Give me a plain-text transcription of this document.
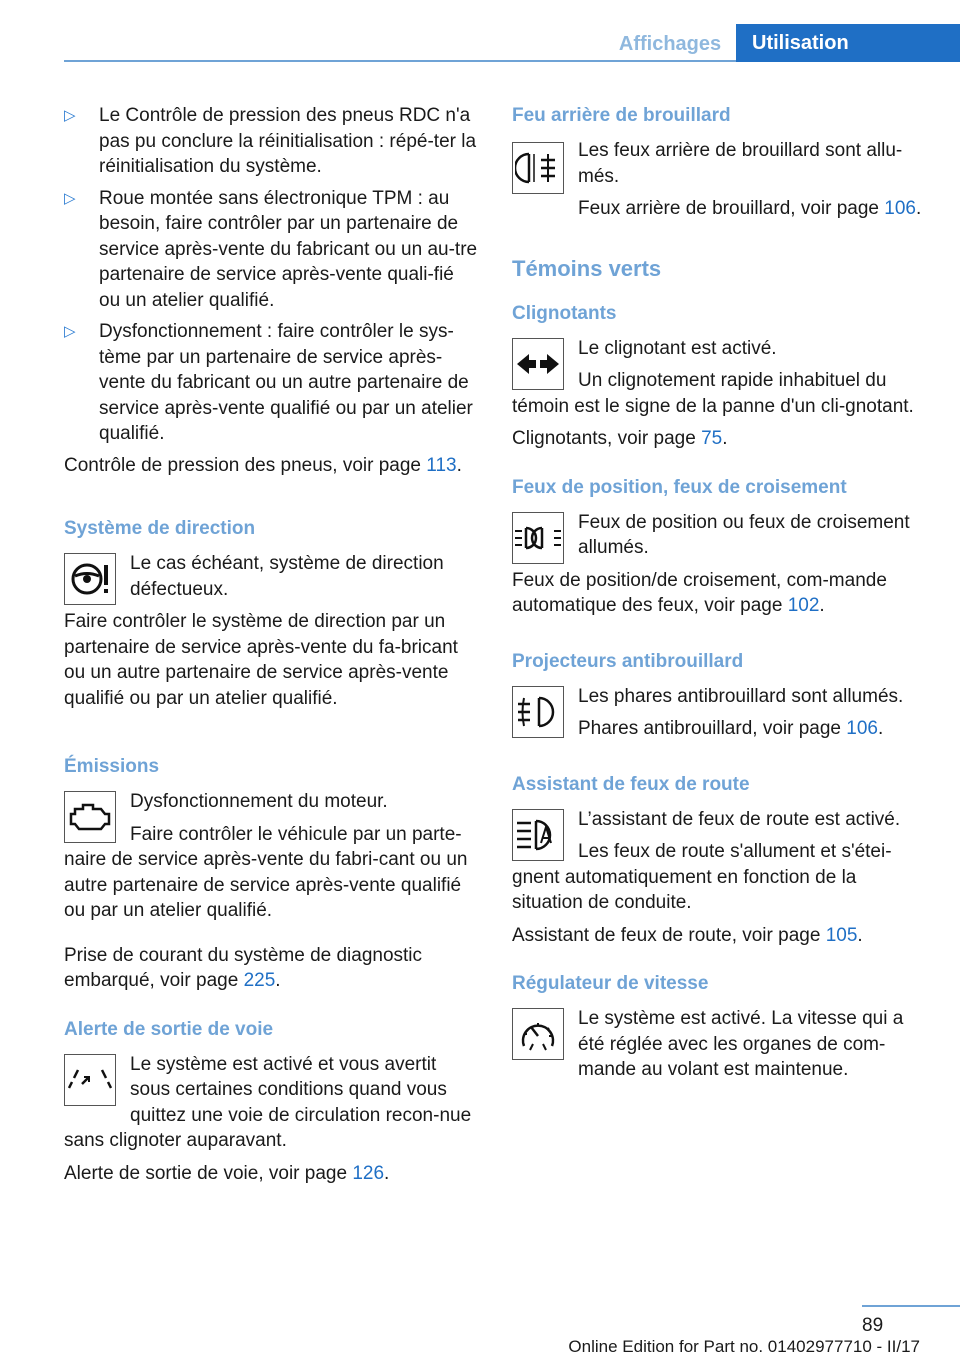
Affichages	Utilisation
▷ Le Contrôle de pression des pneus RDC n'a pas pu conclure la réinitialisation : répé-ter la réinitialisation du système.
▷ Roue montée sans électronique TPM : au besoin, faire contrôler par un partenaire de service après-vente du fabricant ou un au-tre partenaire de service après-vente quali-fié ou un atelier qualifié.
▷ Dysfonctionnement : faire contrôler le sys-tème par un partenaire de service après-vente du fabricant ou un autre partenaire de service après-vente qualifié ou par un atelier qualifié.

Contrôle de pression des pneus, voir page 113.

Système de direction

Le cas échéant, système de direction défectueux.

Faire contrôler le système de direction par un partenaire de service après-vente du fa-bricant ou un autre partenaire de service après-vente qualifié ou par un atelier qualifié.

Émissions

Dysfonctionnement du moteur.

Faire contrôler le véhicule par un parte-naire de service après-vente du fabri-cant ou un autre partenaire de service après-vente qualifié ou par un atelier qualifié.

Prise de courant du système de diagnostic embarqué, voir page 225.

Alerte de sortie de voie

Le système est activé et vous avertit sous certaines conditions quand vous quittez une voie de circulation recon-nue sans clignoter auparavant.

Alerte de sortie de voie, voir page 126.

Feu arrière de brouillard

Les feux arrière de brouillard sont allu-més.

Feux arrière de brouillard, voir page 106.

Témoins verts
Clignotants

Le clignotant est activé.

Un clignotement rapide inhabituel du témoin est le signe de la panne d'un cli-gnotant.

Clignotants, voir page 75.

Feux de position, feux de croisement

Feux de position ou feux de croisement allumés.

Feux de position/de croisement, com-mande automatique des feux, voir page 102.

Projecteurs antibrouillard

Les phares antibrouillard sont allumés.

Phares antibrouillard, voir page 106.

Assistant de feux de route

L’assistant de feux de route est activé.

Les feux de route s'allument et s'étei-gnent automatiquement en fonction de la situation de conduite.

Assistant de feux de route, voir page 105.

Régulateur de vitesse

Le système est activé. La vitesse qui a été réglée avec les organes de com-mande au volant est maintenue.

89
Online Edition for Part no. 01402977710 - II/17
